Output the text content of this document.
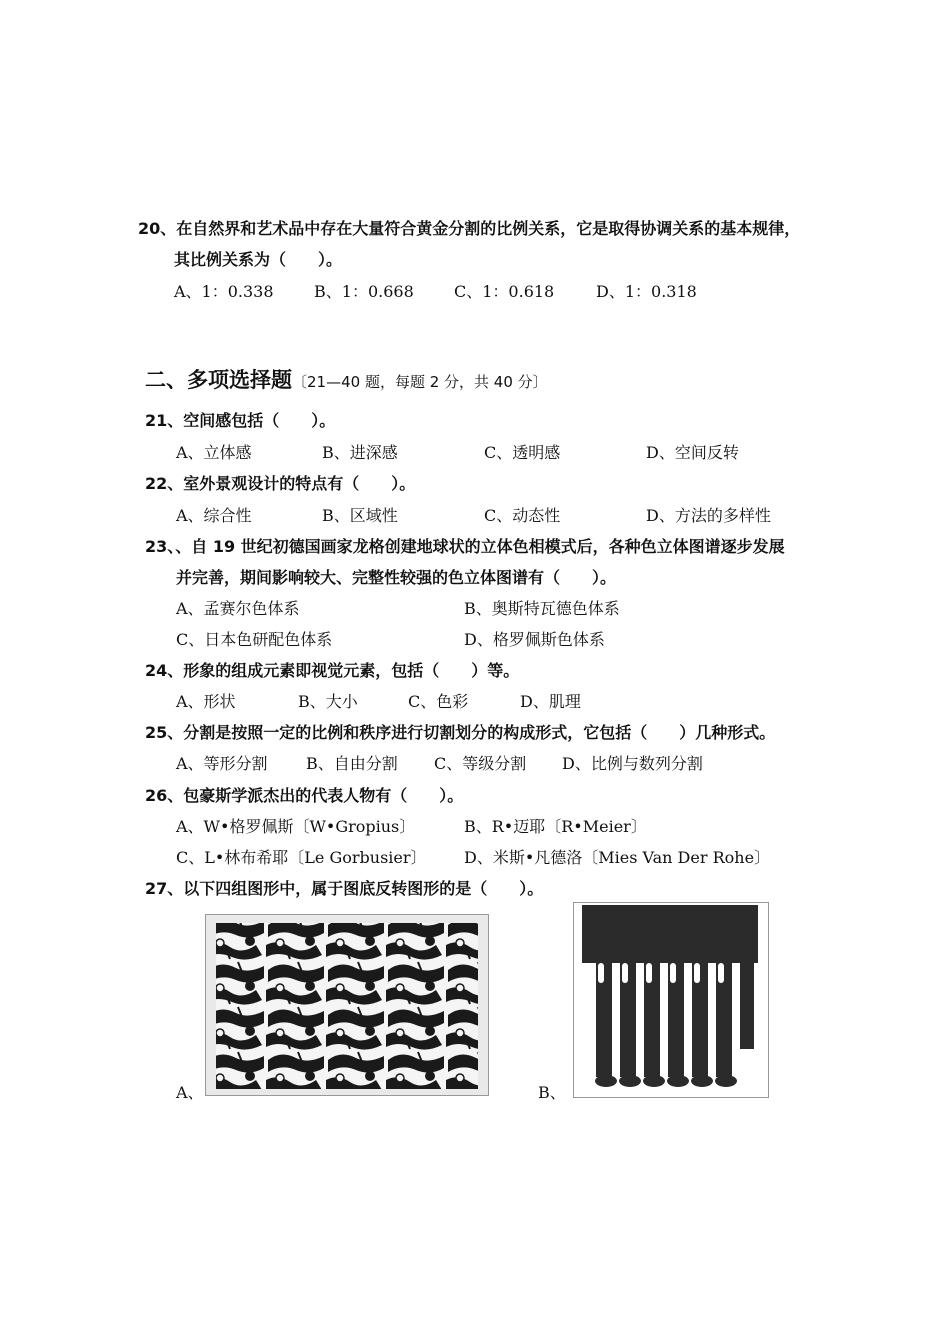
20、在自然界和艺术品中存在大量符合黄金分割的比例关系，它是取得协调关系的基本规律，
其比例关系为（　　）。
A、1：0.338	B、1：0.668	C、1：0.618	D、1：0.318
二、多项选择题〔21—40 题，每题 2 分，共 40 分〕
21、空间感包括（　　）。
A、立体感	B、进深感	C、透明感	D、空间反转
22、室外景观设计的特点有（　　）。
A、综合性	B、区域性	C、动态性	D、方法的多样性
23、、自 19 世纪初德国画家龙格创建地球状的立体色相模式后，各种色立体图谱逐步发展
并完善，期间影响较大、完整性较强的色立体图谱有（　　）。
A、孟赛尔色体系	B、奥斯特瓦德色体系
C、日本色研配色体系	D、格罗佩斯色体系
24、形象的组成元素即视觉元素，包括（　　）等。
A、形状	B、大小	C、色彩	D、肌理
25、分割是按照一定的比例和秩序进行切割划分的构成形式，它包括（　　）几种形式。
A、等形分割 B、自由分割 C、等级分割 D、比例与数列分割
26、包豪斯学派杰出的代表人物有（　　）。
A、W•格罗佩斯〔W•Gropius〕	B、R•迈耶〔R•Meier〕
C、L•林布希耶〔Le Gorbusier〕 D、米斯•凡德洛〔Mies Van Der Rohe〕
27、以下四组图形中，属于图底反转图形的是（　　）。
A、	B、
